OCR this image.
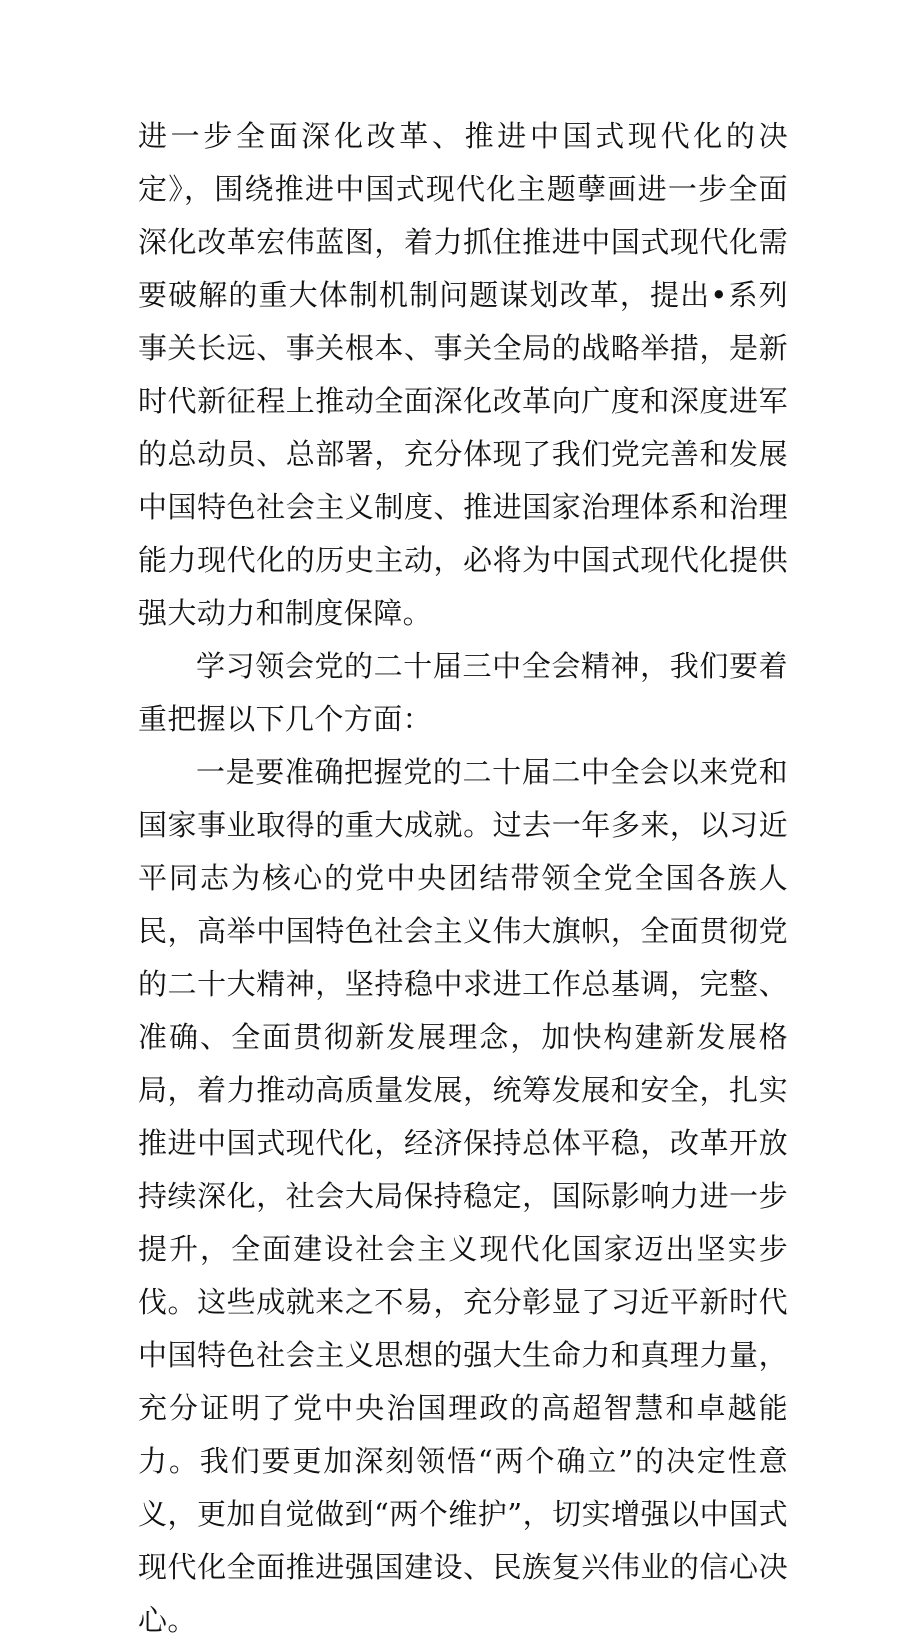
进一步全面深化改革、推进中国式现代化的决定》，围绕推进中国式现代化主题孽画进一步全面深化改革宏伟蓝图，着力抓住推进中国式现代化需要破解的重大体制机制问题谋划改革，提出•系列事关长远、事关根本、事关全局的战略举措，是新时代新征程上推动全面深化改革向广度和深度进军的总动员、总部署，充分体现了我们党完善和发展中国特色社会主义制度、推进国家治理体系和治理能力现代化的历史主动，必将为中国式现代化提供强大动力和制度保障。

学习领会党的二十届三中全会精神，我们要着重把握以下几个方面：

一是要准确把握党的二十届二中全会以来党和国家事业取得的重大成就。过去一年多来，以习近平同志为核心的党中央团结带领全党全国各族人民，高举中国特色社会主义伟大旗帜，全面贯彻党的二十大精神，坚持稳中求进工作总基调，完整、准确、全面贯彻新发展理念，加快构建新发展格局，着力推动高质量发展，统筹发展和安全，扎实推进中国式现代化，经济保持总体平稳，改革开放持续深化，社会大局保持稳定，国际影响力进一步提升，全面建设社会主义现代化国家迈出坚实步伐。这些成就来之不易，充分彰显了习近平新时代中国特色社会主义思想的强大生命力和真理力量，充分证明了党中央治国理政的高超智慧和卓越能力。我们要更加深刻领悟“两个确立”的决定性意义，更加自觉做到“两个维护”，切实增强以中国式现代化全面推进强国建设、民族复兴伟业的信心决心。
